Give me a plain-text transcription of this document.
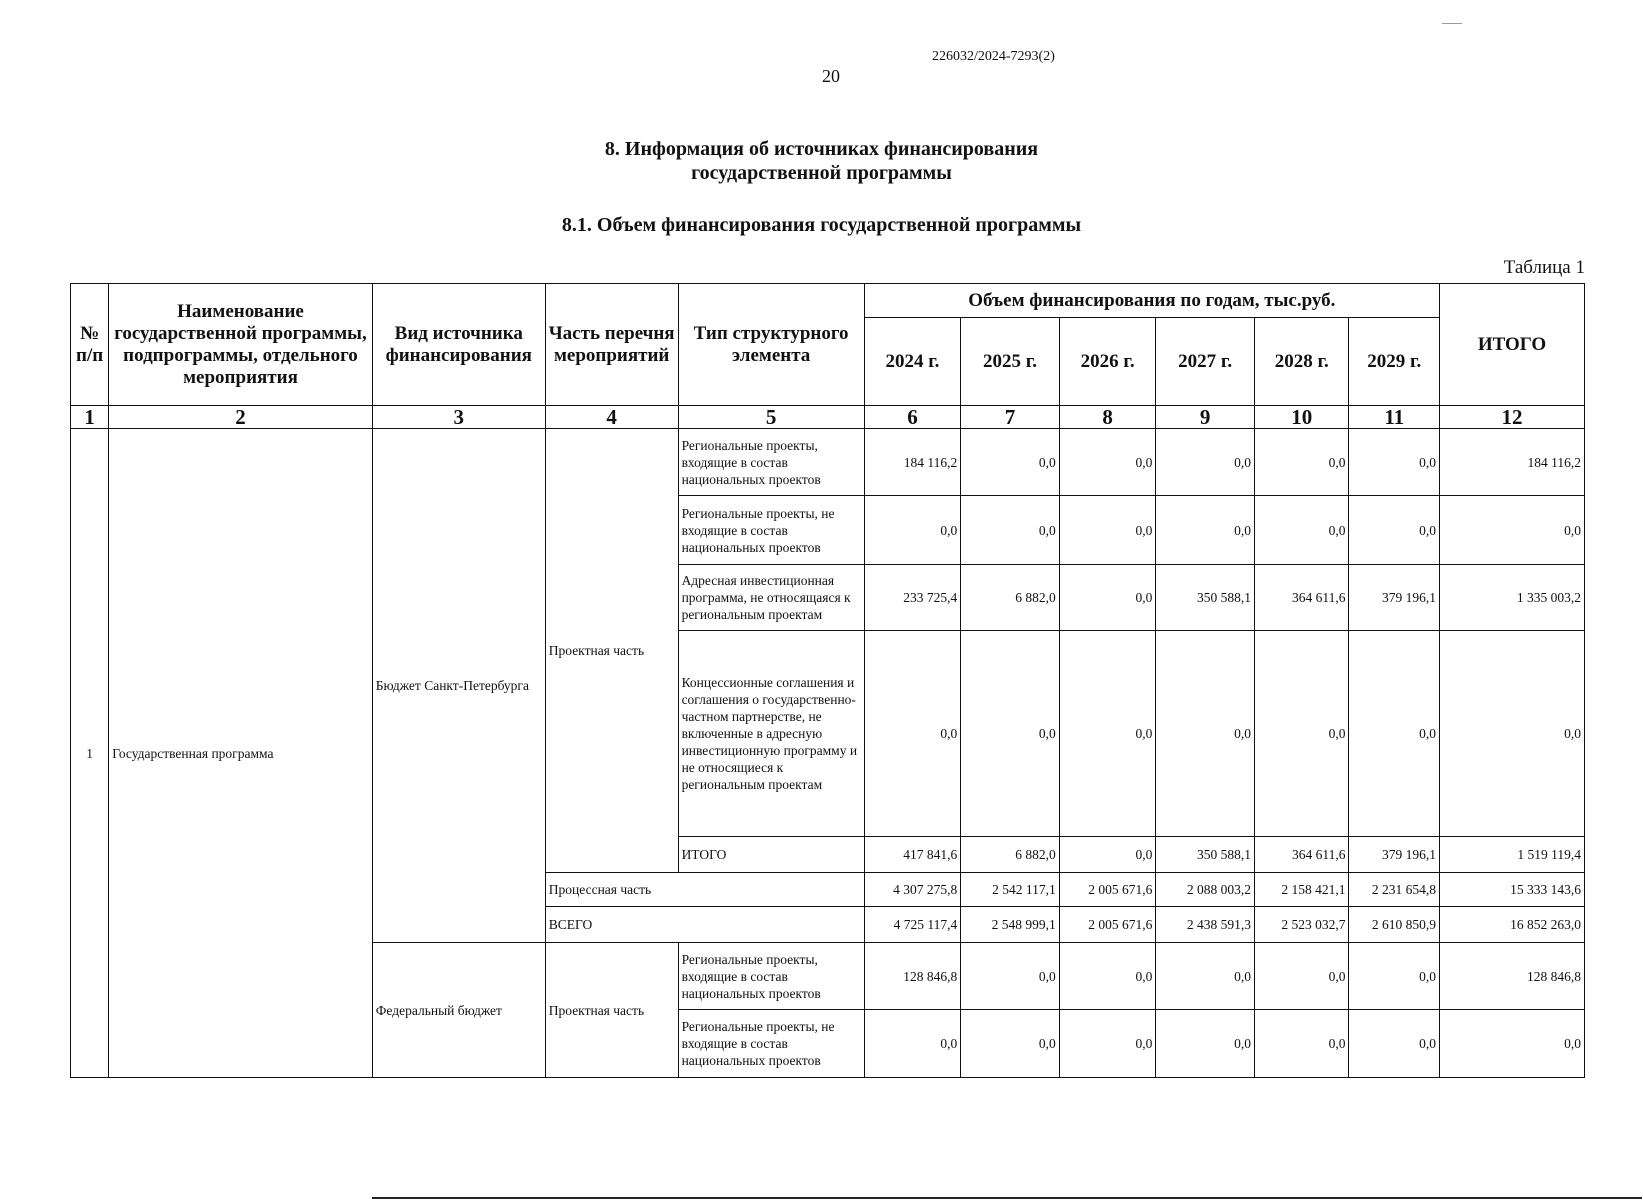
226032/2024-7293(2)
20
8. Информация об источниках финансирования
государственной программы
8.1. Объем финансирования государственной программы
Таблица 1
№ п/п	Наименование государственной программы, подпрограммы, отдельного мероприятия	Вид источника финансирования	Часть перечня мероприятий	Тип структурного элемента	Объем финансирования по годам, тыс.руб.						ИТОГО
					2024 г.	2025 г.	2026 г.	2027 г.	2028 г.	2029 г.	
1	2	3	4	5	6	7	8	9	10	11	12
1	Государственная программа	Бюджет Санкт-Петербурга	Проектная часть	Региональные проекты, входящие в состав национальных проектов	184 116,2	0,0	0,0	0,0	0,0	0,0	184 116,2
				Региональные проекты, не входящие в состав национальных проектов	0,0	0,0	0,0	0,0	0,0	0,0	0,0
				Адресная инвестиционная программа, не относящаяся к региональным проектам	233 725,4	6 882,0	0,0	350 588,1	364 611,6	379 196,1	1 335 003,2
				Концессионные соглашения и соглашения о государственно-частном партнерстве, не включенные в адресную инвестиционную программу и не относящиеся к региональным проектам	0,0	0,0	0,0	0,0	0,0	0,0	0,0
				ИТОГО	417 841,6	6 882,0	0,0	350 588,1	364 611,6	379 196,1	1 519 119,4
			Процессная часть		4 307 275,8	2 542 117,1	2 005 671,6	2 088 003,2	2 158 421,1	2 231 654,8	15 333 143,6
			ВСЕГО		4 725 117,4	2 548 999,1	2 005 671,6	2 438 591,3	2 523 032,7	2 610 850,9	16 852 263,0
		Федеральный бюджет	Проектная часть	Региональные проекты, входящие в состав национальных проектов	128 846,8	0,0	0,0	0,0	0,0	0,0	128 846,8
				Региональные проекты, не входящие в состав национальных проектов	0,0	0,0	0,0	0,0	0,0	0,0	0,0
